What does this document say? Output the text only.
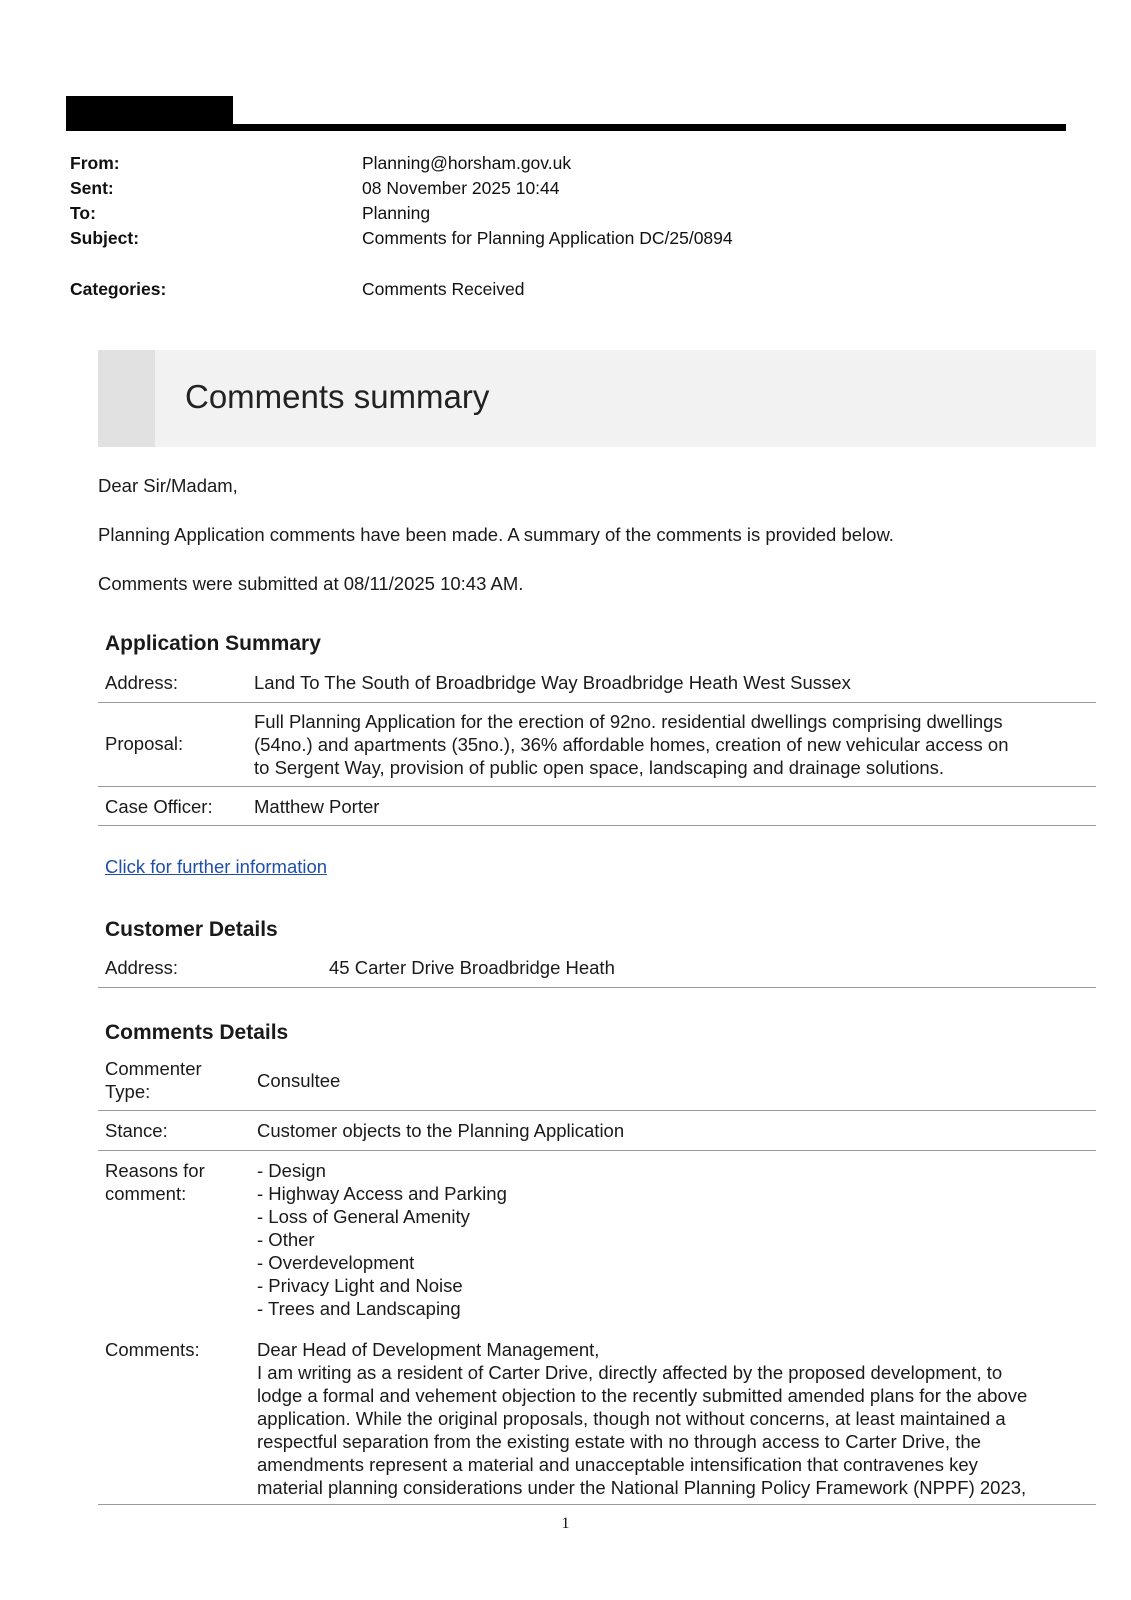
From:	Planning@horsham.gov.uk
Sent:	08 November 2025 10:44
To:	Planning
Subject:	Comments for Planning Application DC/25/0894
Categories:	Comments Received
Comments summary
Dear Sir/Madam,
Planning Application comments have been made. A summary of the comments is provided below.
Comments were submitted at 08/11/2025 10:43 AM.
Application Summary
Address:	Land To The South of Broadbridge Way Broadbridge Heath West Sussex
Proposal:
Full Planning Application for the erection of 92no. residential dwellings comprising dwellings
(54no.) and apartments (35no.), 36% affordable homes, creation of new vehicular access on
to Sergent Way, provision of public open space, landscaping and drainage solutions.
Case Officer: Matthew Porter
Click for further information
Customer Details
Address:	45 Carter Drive Broadbridge Heath
Comments Details
Commenter
Type:
Consultee
Stance:	Customer objects to the Planning Application
Reasons for
comment:
- Design
- Highway Access and Parking
- Loss of General Amenity
- Other
- Overdevelopment
- Privacy Light and Noise
- Trees and Landscaping
Comments:	Dear Head of Development Management,
I am writing as a resident of Carter Drive, directly affected by the proposed development, to
lodge a formal and vehement objection to the recently submitted amended plans for the above
application. While the original proposals, though not without concerns, at least maintained a
respectful separation from the existing estate with no through access to Carter Drive, the
amendments represent a material and unacceptable intensification that contravenes key
material planning considerations under the National Planning Policy Framework (NPPF) 2023,
1
